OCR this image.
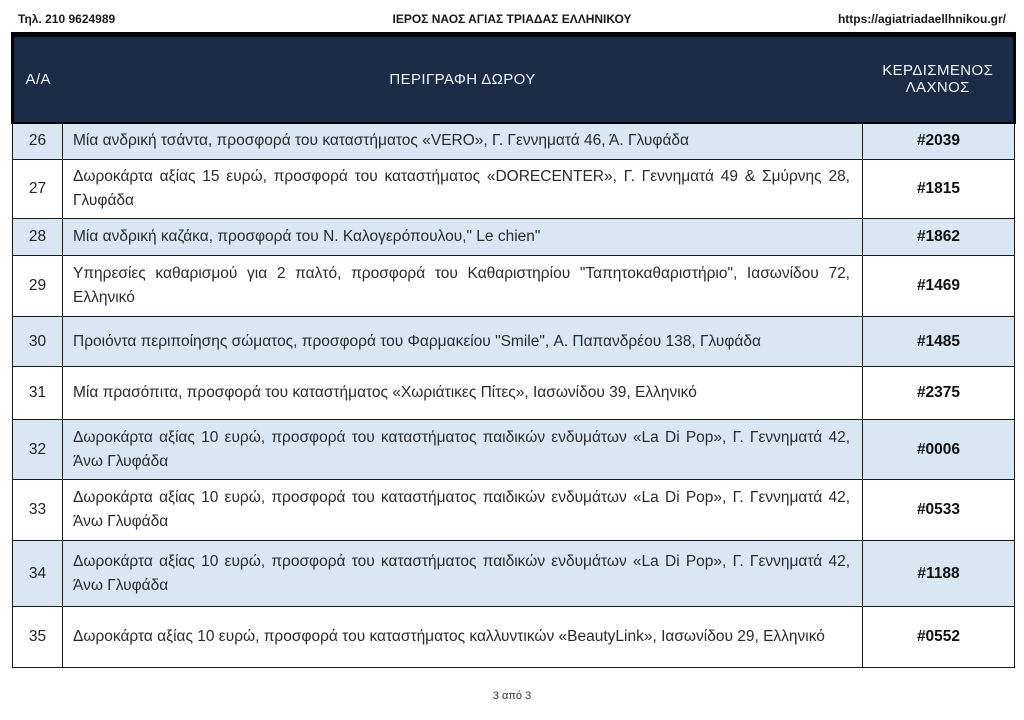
Τηλ. 210 9624989	ΙΕΡΟΣ ΝΑΟΣ ΑΓΙΑΣ ΤΡΙΑΔΑΣ ΕΛΛΗΝΙΚΟΥ	https://agiatriadaellhnikou.gr/
Α/Α	ΠΕΡΙΓΡΑΦΗ ΔΩΡΟΥ	ΚΕΡΔΙΣΜΕΝΟΣ ΛΑΧΝΟΣ
26	Μία ανδρική τσάντα, προσφορά του καταστήματος «VERO», Γ. Γεννηματά 46, Ά. Γλυφάδα	#2039
27	Δωροκάρτα αξίας 15 ευρώ, προσφορά του καταστήματος «DORECENTER», Γ. Γεννηματά 49 & Σμύρνης 28, Γλυφάδα	#1815
28	Μία ανδρική καζάκα, προσφορά του Ν. Καλογερόπουλου," Le chien"	#1862
29	Υπηρεσίες καθαρισμού για 2 παλτό, προσφορά του Καθαριστηρίου "Ταπητοκαθαριστήριο", Ιασωνίδου 72, Ελληνικό	#1469
30	Προιόντα περιποίησης σώματος, προσφορά του Φαρμακείου "Smile", Α. Παπανδρέου 138, Γλυφάδα	#1485
31	Μία πρασόπιτα, προσφορά του καταστήματος «Χωριάτικες Πίτες», Ιασωνίδου 39, Ελληνικό	#2375
32	Δωροκάρτα αξίας 10 ευρώ, προσφορά του καταστήματος παιδικών ενδυμάτων «La Di Pop», Γ. Γεννηματά 42, Άνω Γλυφάδα	#0006
33	Δωροκάρτα αξίας 10 ευρώ, προσφορά του καταστήματος παιδικών ενδυμάτων «La Di Pop», Γ. Γεννηματά 42, Άνω Γλυφάδα	#0533
34	Δωροκάρτα αξίας 10 ευρώ, προσφορά του καταστήματος παιδικών ενδυμάτων «La Di Pop», Γ. Γεννηματά 42, Άνω Γλυφάδα	#1188
35	Δωροκάρτα αξίας 10 ευρώ, προσφορά του καταστήματος καλλυντικών «BeautyLink», Ιασωνίδου 29, Ελληνικό	#0552
3 από 3
